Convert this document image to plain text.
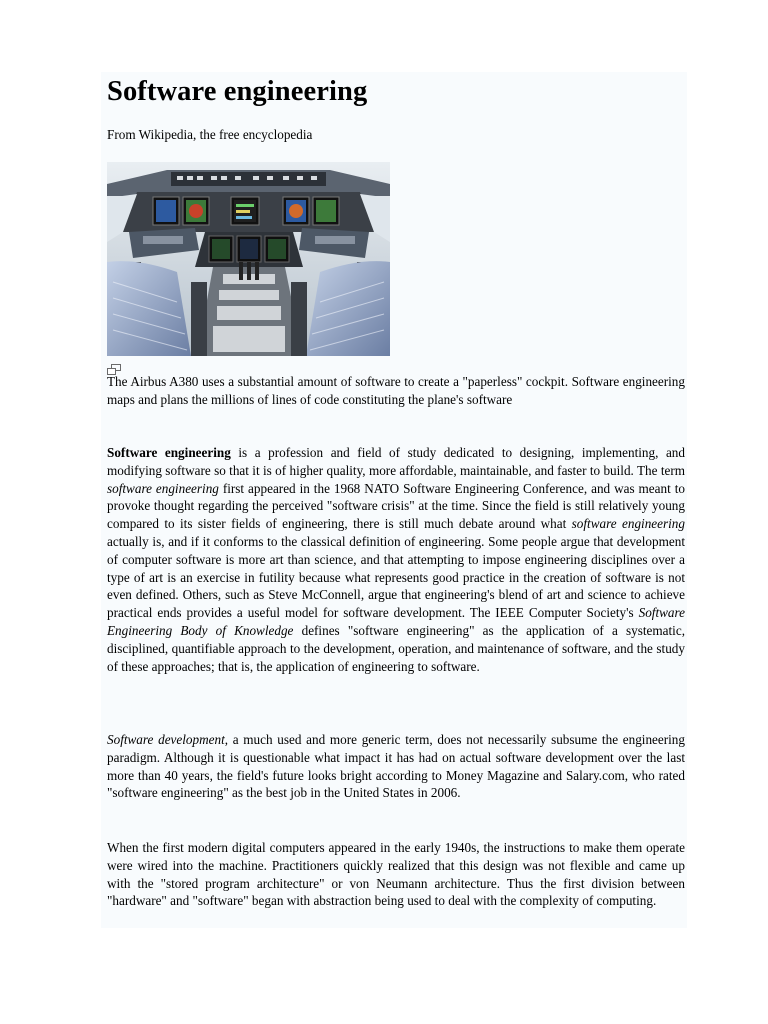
Software engineering
From Wikipedia, the free encyclopedia

The Airbus A380 uses a substantial amount of software to create a "paperless" cockpit. Software engineering maps and plans the millions of lines of code constituting the plane's software

Software engineering is a profession and field of study dedicated to designing, implementing, and modifying software so that it is of higher quality, more affordable, maintainable, and faster to build. The term software engineering first appeared in the 1968 NATO Software Engineering Conference, and was meant to provoke thought regarding the perceived "software crisis" at the time. Since the field is still relatively young compared to its sister fields of engineering, there is still much debate around what software engineering actually is, and if it conforms to the classical definition of engineering. Some people argue that development of computer software is more art than science, and that attempting to impose engineering disciplines over a type of art is an exercise in futility because what represents good practice in the creation of software is not even defined. Others, such as Steve McConnell, argue that engineering's blend of art and science to achieve practical ends provides a useful model for software development. The IEEE Computer Society's Software Engineering Body of Knowledge defines "software engineering" as the application of a systematic, disciplined, quantifiable approach to the development, operation, and maintenance of software, and the study of these approaches; that is, the application of engineering to software.

Software development, a much used and more generic term, does not necessarily subsume the engineering paradigm. Although it is questionable what impact it has had on actual software development over the last more than 40 years, the field's future looks bright according to Money Magazine and Salary.com, who rated "software engineering" as the best job in the United States in 2006.

When the first modern digital computers appeared in the early 1940s, the instructions to make them operate were wired into the machine. Practitioners quickly realized that this design was not flexible and came up with the "stored program architecture" or von Neumann architecture. Thus the first division between "hardware" and "software" began with abstraction being used to deal with the complexity of computing.
